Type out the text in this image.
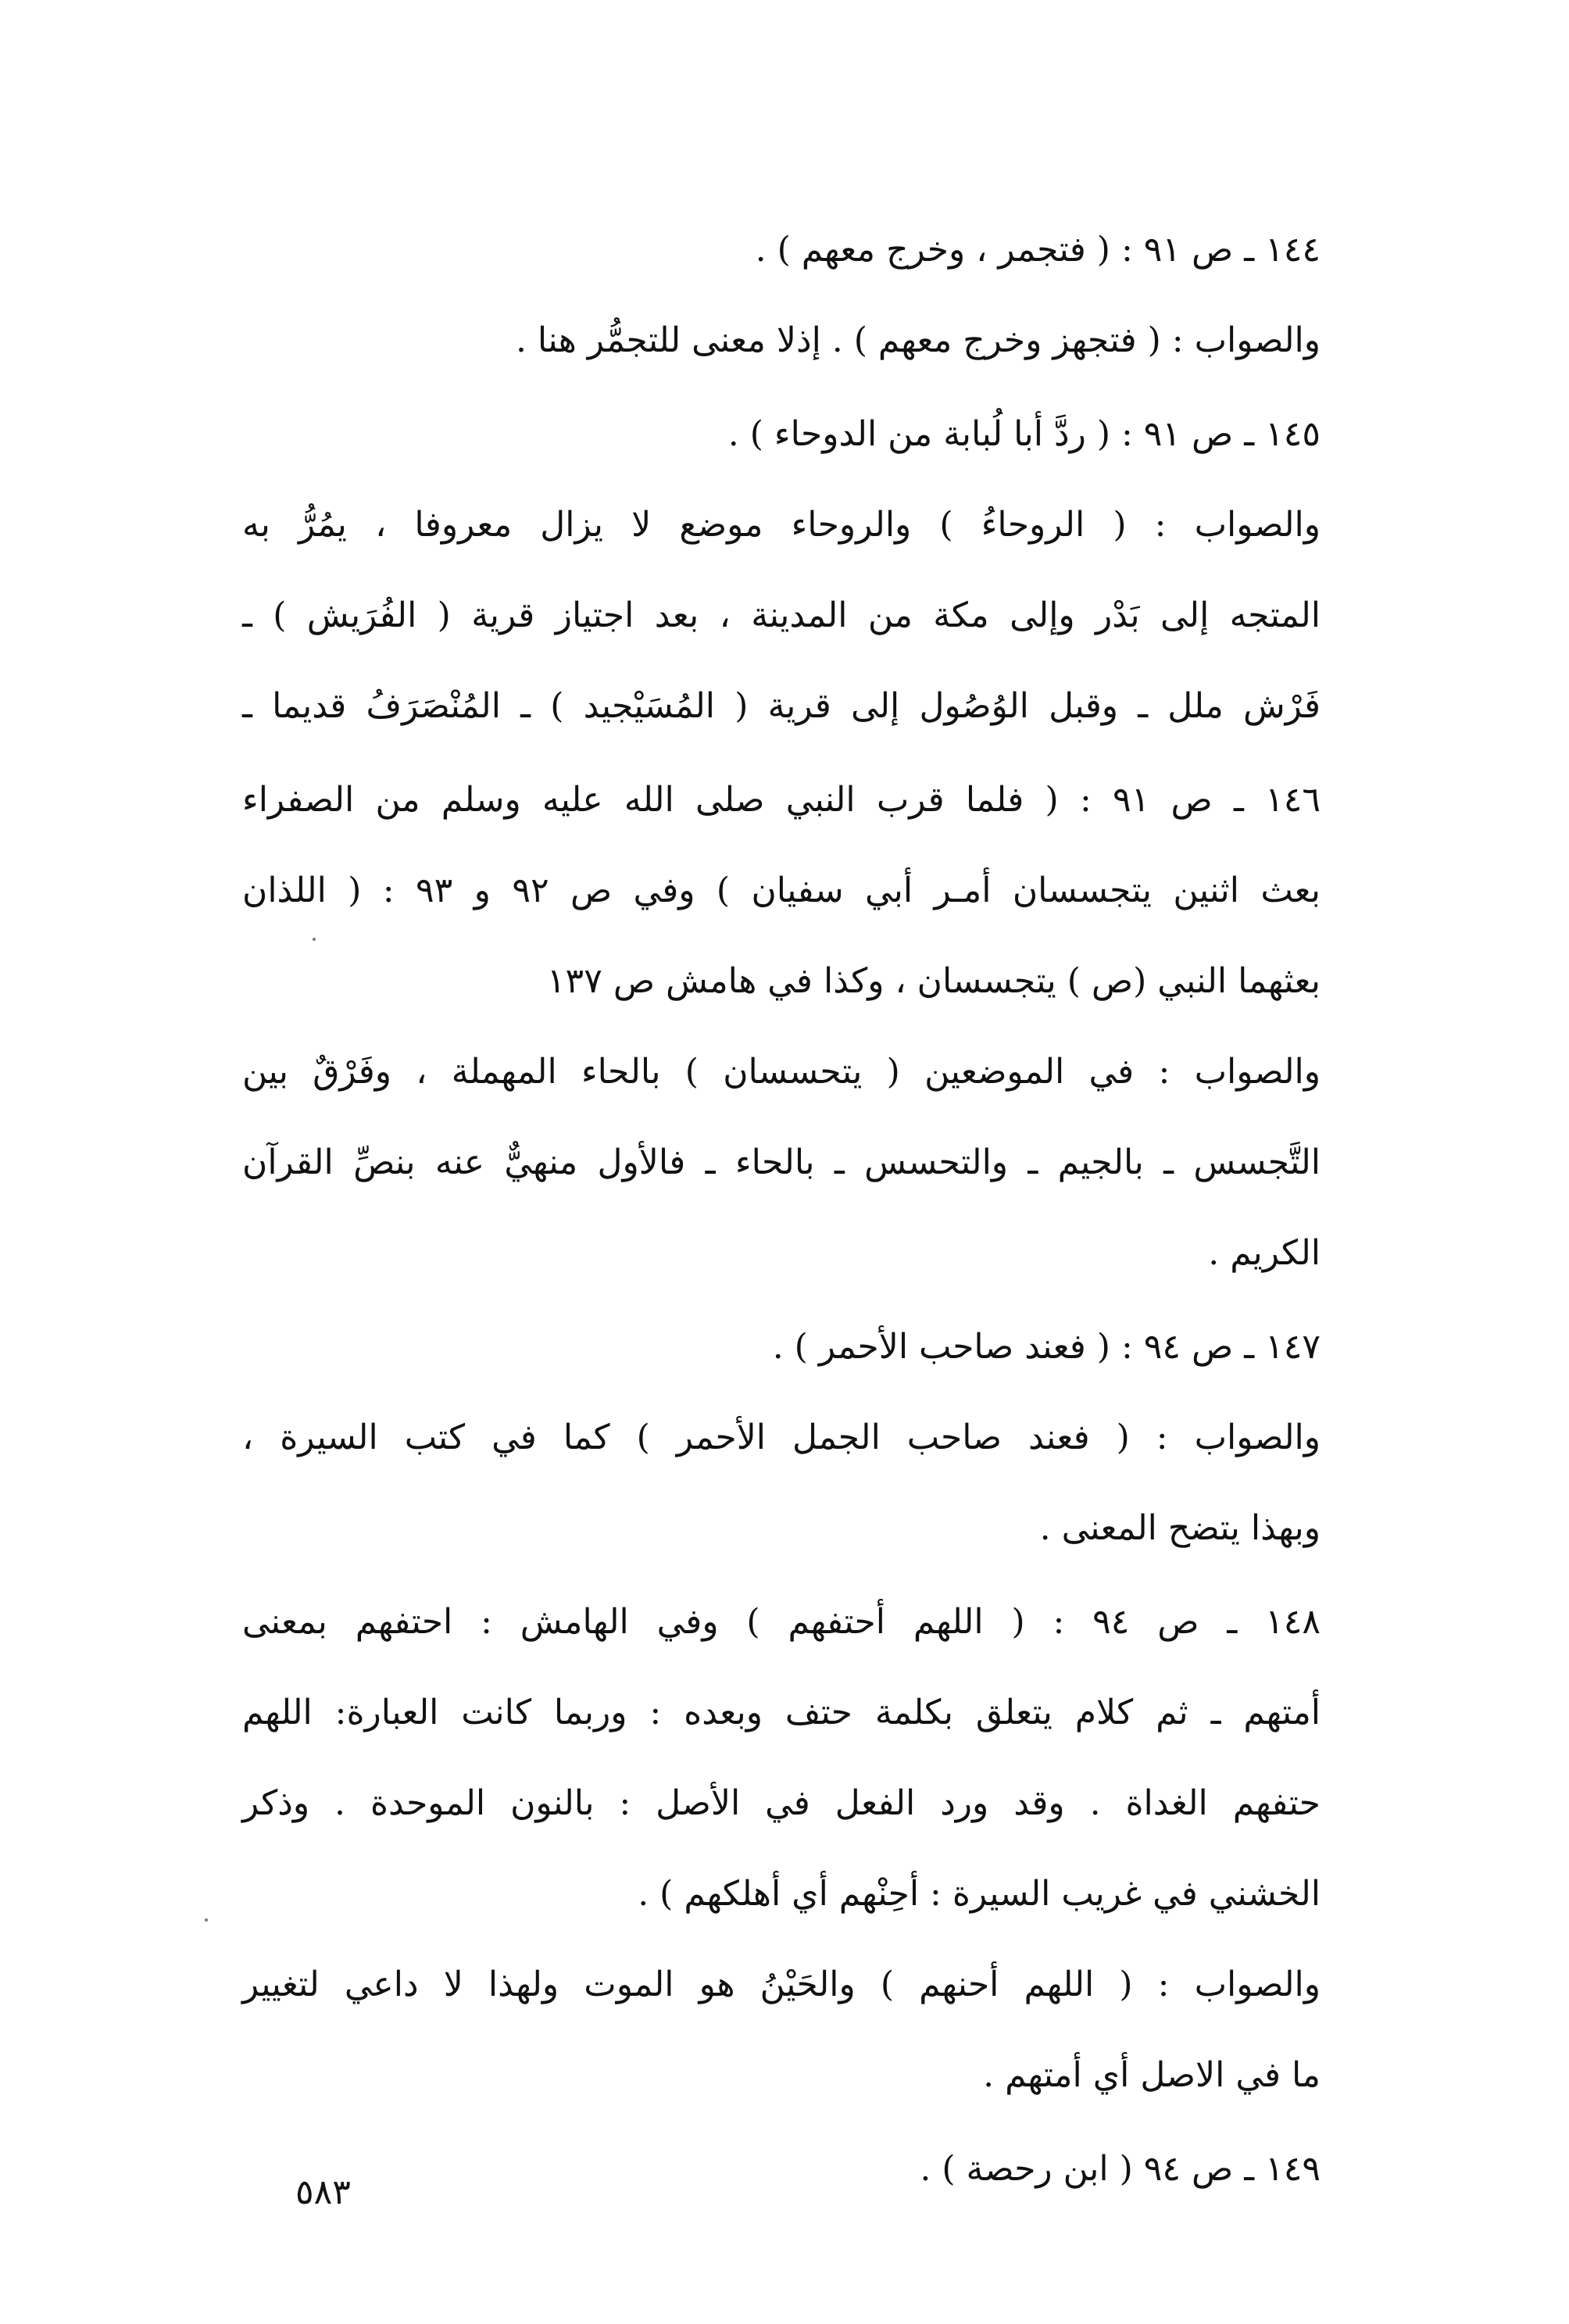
١٤٤ ـ ص ٩١ : ( فتجمر ، وخرج معهم ) .
والصواب : ( فتجهز وخرج معهم ) . إذلا معنى للتجمُّر هنا .
١٤٥ ـ ص ٩١ : ( ردَّ أبا لُبابة من الدوحاء ) .
والصواب : ( الروحاءُ ) والروحاء موضع لا يزال معروفا ، يمُرُّ به
المتجه إلى بَدْر وإلى مكة من المدينة ، بعد اجتياز قرية ( الفُرَيش ) ـ
فَرْش ملل ـ وقبل الوُصُول إلى قرية ( المُسَيْجيد ) ـ المُنْصَرَفُ قديما ـ
١٤٦ ـ ص ٩١ : ( فلما قرب النبي صلى الله عليه وسلم من الصفراء
بعث اثنين يتجسسان أمـر أبي سفيان ) وفي ص ٩٢ و ٩٣ : ( اللذان
بعثهما النبي (ص ) يتجسسان ، وكذا في هامش ص ١٣٧
والصواب : في الموضعين ( يتحسسان ) بالحاء المهملة ، وفَرْقٌ بين
التَّجسس ـ بالجيم ـ والتحسس ـ بالحاء ـ فالأول منهيٌّ عنه بنصِّ القرآن
الكريم .
١٤٧ ـ ص ٩٤ : ( فعند صاحب الأحمر ) .
والصواب : ( فعند صاحب الجمل الأحمر ) كما في كتب السيرة ،
وبهذا يتضح المعنى .
١٤٨ ـ ص ٩٤ : ( اللهم أحتفهم ) وفي الهامش : احتفهم بمعنى
أمتهم ـ ثم كلام يتعلق بكلمة حتف وبعده : وربما كانت العبارة: اللهم
حتفهم الغداة . وقد ورد الفعل في الأصل : بالنون الموحدة . وذكر
الخشني في غريب السيرة : أحِنْهم أي أهلكهم ) .
والصواب : ( اللهم أحنهم ) والحَيْنُ هو الموت ولهذا لا داعي لتغيير
ما في الاصل أي أمتهم .
١٤٩ ـ ص ٩٤ ( ابن رحصة ) .
٥٨٣
